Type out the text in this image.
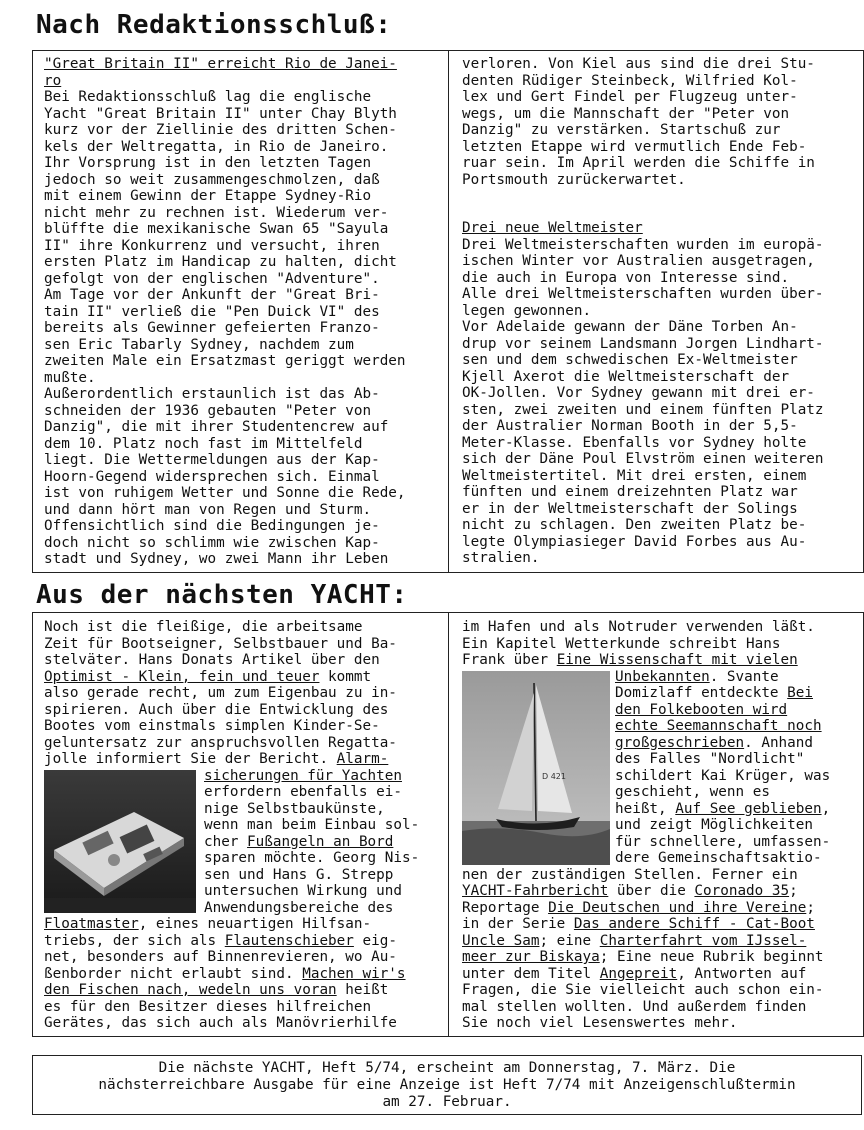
Nach Redaktionsschluß:
"Great Britain II" erreicht Rio de Janei-
ro
Bei Redaktionsschluß lag die englische
Yacht "Great Britain II" unter Chay Blyth
kurz vor der Ziellinie des dritten Schen-
kels der Weltregatta, in Rio de Janeiro.
Ihr Vorsprung ist in den letzten Tagen
jedoch so weit zusammengeschmolzen, daß
mit einem Gewinn der Etappe Sydney-Rio
nicht mehr zu rechnen ist. Wiederum ver-
blüffte die mexikanische Swan 65 "Sayula
II" ihre Konkurrenz und versucht, ihren
ersten Platz im Handicap zu halten, dicht
gefolgt von der englischen "Adventure".
Am Tage vor der Ankunft der "Great Bri-
tain II" verließ die "Pen Duick VI" des
bereits als Gewinner gefeierten Franzo-
sen Eric Tabarly Sydney, nachdem zum
zweiten Male ein Ersatzmast geriggt werden
mußte.
Außerordentlich erstaunlich ist das Ab-
schneiden der 1936 gebauten "Peter von
Danzig", die mit ihrer Studentencrew auf
dem 10. Platz noch fast im Mittelfeld
liegt. Die Wettermeldungen aus der Kap-
Hoorn-Gegend widersprechen sich. Einmal
ist von ruhigem Wetter und Sonne die Rede,
und dann hört man von Regen und Sturm.
Offensichtlich sind die Bedingungen je-
doch nicht so schlimm wie zwischen Kap-
stadt und Sydney, wo zwei Mann ihr Leben
verloren. Von Kiel aus sind die drei Stu-
denten Rüdiger Steinbeck, Wilfried Kol-
lex und Gert Findel per Flugzeug unter-
wegs, um die Mannschaft der "Peter von
Danzig" zu verstärken. Startschuß zur
letzten Etappe wird vermutlich Ende Feb-
ruar sein. Im April werden die Schiffe in
Portsmouth zurückerwartet.
Drei neue Weltmeister
Drei Weltmeisterschaften wurden im europä-
ischen Winter vor Australien ausgetragen,
die auch in Europa von Interesse sind.
Alle drei Weltmeisterschaften wurden über-
legen gewonnen.
Vor Adelaide gewann der Däne Torben An-
drup vor seinem Landsmann Jorgen Lindhart-
sen und dem schwedischen Ex-Weltmeister
Kjell Axerot die Weltmeisterschaft der
OK-Jollen. Vor Sydney gewann mit drei er-
sten, zwei zweiten und einem fünften Platz
der Australier Norman Booth in der 5,5-
Meter-Klasse. Ebenfalls vor Sydney holte
sich der Däne Poul Elvström einen weiteren
Weltmeistertitel. Mit drei ersten, einem
fünften und einem dreizehnten Platz war
er in der Weltmeisterschaft der Solings
nicht zu schlagen. Den zweiten Platz be-
legte Olympiasieger David Forbes aus Au-
stralien.
Aus der nächsten YACHT:
Noch ist die fleißige, die arbeitsame
Zeit für Bootseigner, Selbstbauer und Ba-
stelväter. Hans Donats Artikel über den
Optimist - Klein, fein und teuer kommt
also gerade recht, um zum Eigenbau zu in-
spirieren. Auch über die Entwicklung des
Bootes vom einstmals simplen Kinder-Se-
geluntersatz zur anspruchsvollen Regatta-
jolle informiert Sie der Bericht. Alarm-
sicherungen für Yachten
erfordern ebenfalls ei-
nige Selbstbaukünste,
wenn man beim Einbau sol-
cher Fußangeln an Bord
sparen möchte. Georg Nis-
sen und Hans G. Strepp
untersuchen Wirkung und
Anwendungsbereiche des
Floatmaster, eines neuartigen Hilfsan-
triebs, der sich als Flautenschieber eig-
net, besonders auf Binnenrevieren, wo Au-
ßenborder nicht erlaubt sind. Machen wir's
den Fischen nach, wedeln uns voran heißt
es für den Besitzer dieses hilfreichen
Gerätes, das sich auch als Manövrierhilfe
im Hafen und als Notruder verwenden läßt.
Ein Kapitel Wetterkunde schreibt Hans
Frank über Eine Wissenschaft mit vielen
Unbekannten. Svante
Domizlaff entdeckte Bei
den Folkebooten wird
echte Seemannschaft noch
großgeschrieben. Anhand
des Falles "Nordlicht"
schildert Kai Krüger, was
geschieht, wenn es
heißt, Auf See geblieben,
und zeigt Möglichkeiten
für schnellere, umfassen-
dere Gemeinschaftsaktio-
nen der zuständigen Stellen. Ferner ein
YACHT-Fahrbericht über die Coronado 35;
Reportage Die Deutschen und ihre Vereine;
in der Serie Das andere Schiff - Cat-Boot
Uncle Sam; eine Charterfahrt vom IJssel-
meer zur Biskaya; Eine neue Rubrik beginnt
unter dem Titel Angepreit, Antworten auf
Fragen, die Sie vielleicht auch schon ein-
mal stellen wollten. Und außerdem finden
Sie noch viel Lesenswertes mehr.
D 421
Die nächste YACHT, Heft 5/74, erscheint am Donnerstag, 7. März. Die
nächsterreichbare Ausgabe für eine Anzeige ist Heft 7/74 mit Anzeigenschlußtermin
am 27. Februar.
